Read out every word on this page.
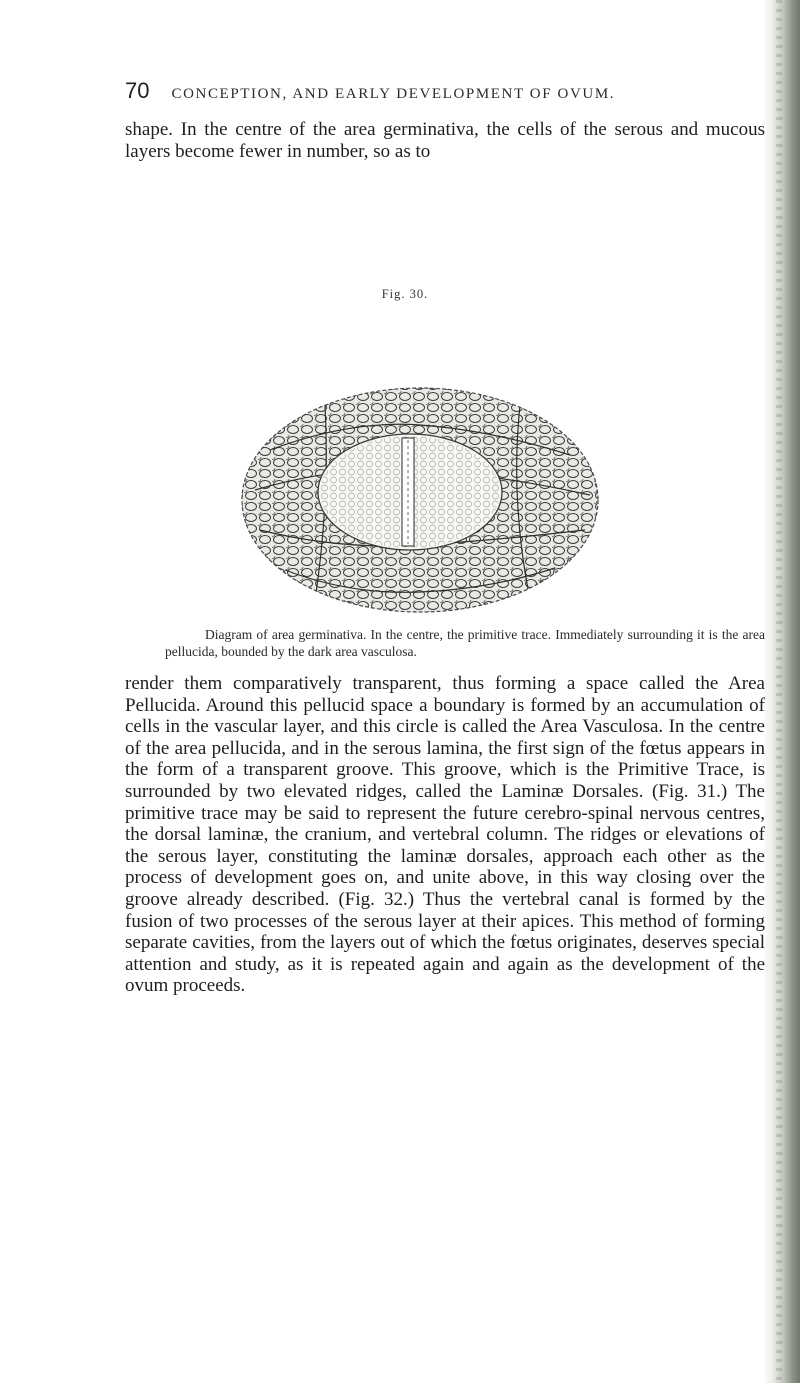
70 CONCEPTION, AND EARLY DEVELOPMENT OF OVUM.

shape. In the centre of the area germinativa, the cells of the serous and mucous layers become fewer in number, so as to

Fig. 30.

Diagram of area germinativa. In the centre, the primitive trace. Immediately surrounding it is the area pellucida, bounded by the dark area vasculosa.

render them comparatively transparent, thus forming a space called the Area Pellucida. Around this pellucid space a boundary is formed by an accumulation of cells in the vascular layer, and this circle is called the Area Vasculosa. In the centre of the area pellucida, and in the serous lamina, the first sign of the fœtus appears in the form of a transparent groove. This groove, which is the Primitive Trace, is surrounded by two elevated ridges, called the Laminæ Dorsales. (Fig. 31.) The primitive trace may be said to represent the future cerebro-spinal nervous centres, the dorsal laminæ, the cranium, and vertebral column. The ridges or elevations of the serous layer, constituting the laminæ dorsales, approach each other as the process of development goes on, and unite above, in this way closing over the groove already described. (Fig. 32.) Thus the vertebral canal is formed by the fusion of two processes of the serous layer at their apices. This method of forming separate cavities, from the layers out of which the fœtus originates, deserves special attention and study, as it is repeated again and again as the development of the ovum proceeds.
